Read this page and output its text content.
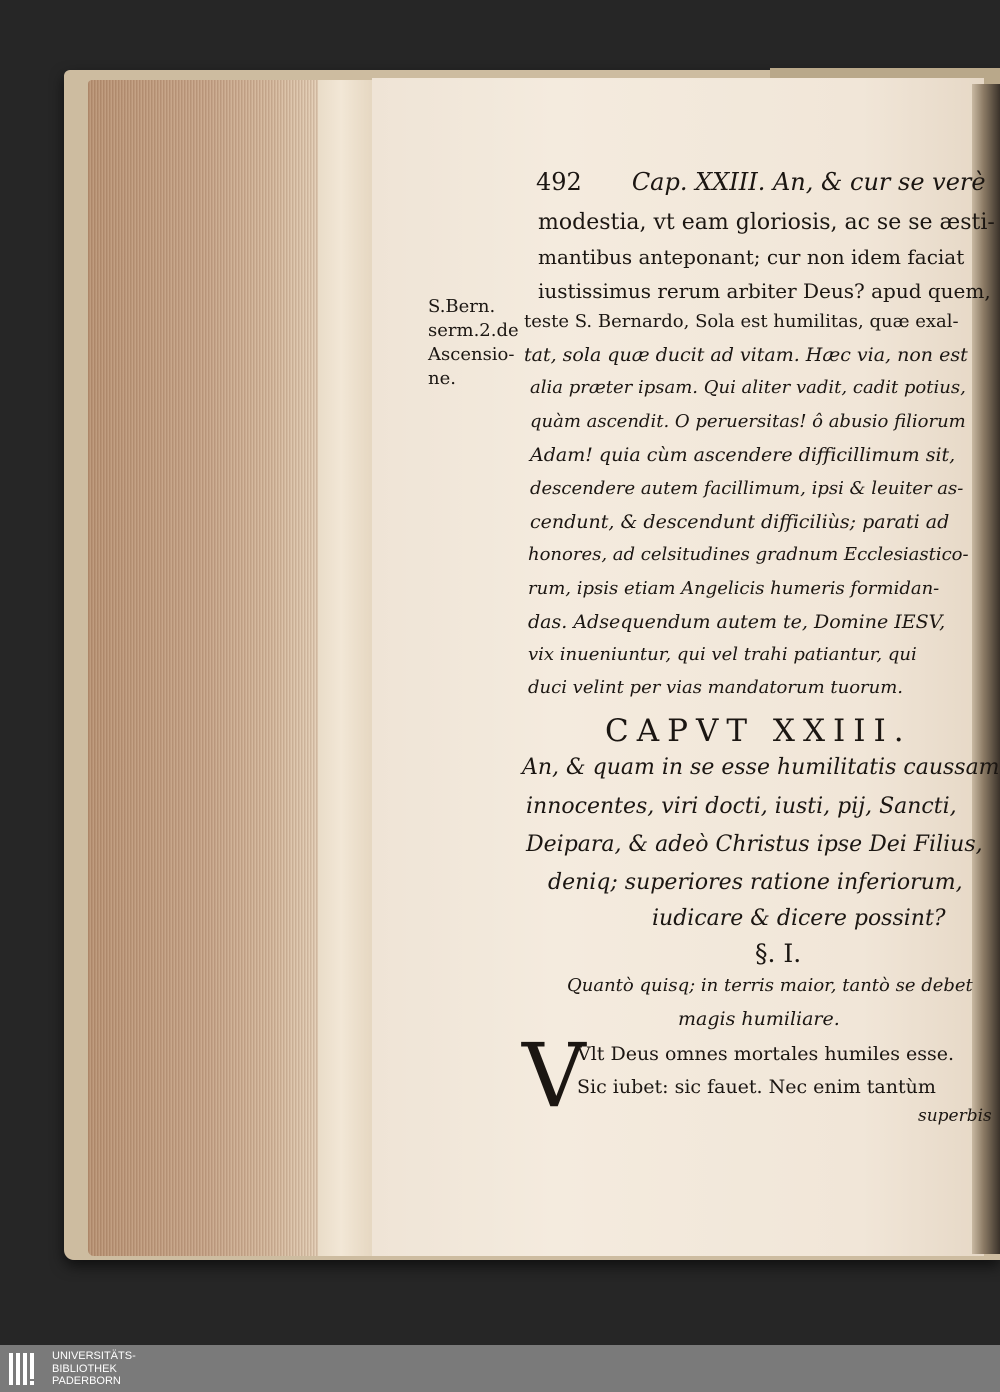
492 Cap. XXIII. An, & cur se verè
S.Bern.
serm.2.de
Ascensio-
ne.
modestia, vt eam gloriosis, ac se se æsti-
mantibus anteponant; cur non idem faciat
iustissimus rerum arbiter Deus? apud quem,
teste S. Bernardo, Sola est humilitas, quæ exal-
tat, sola quæ ducit ad vitam. Hæc via, non est
alia præter ipsam. Qui aliter vadit, cadit potius,
quàm ascendit. O peruersitas! ô abusio filiorum
Adam! quia cùm ascendere difficillimum sit,
descendere autem facillimum, ipsi & leuiter as-
cendunt, & descendunt difficiliùs; parati ad
honores, ad celsitudines gradnum Ecclesiastico-
rum, ipsis etiam Angelicis humeris formidan-
das. Adsequendum autem te, Domine IESV,
vix inueniuntur, qui vel trahi patiantur, qui
duci velint per vias mandatorum tuorum.
CAPVT XXIII.
An, & quam in se esse humilitatis caussam
innocentes, viri docti, iusti, pij, Sancti,
Deipara, & adeò Christus ipse Dei Filius,
deniq; superiores ratione inferiorum,
iudicare & dicere possint?
§. I.
Quantò quisq; in terris maior, tantò se debet
magis humiliare.
V
Vlt Deus omnes mortales humiles esse.
Sic iubet: sic fauet. Nec enim tantùm
superbis
UNIVERSITÄTS-
BIBLIOTHEK
PADERBORN
